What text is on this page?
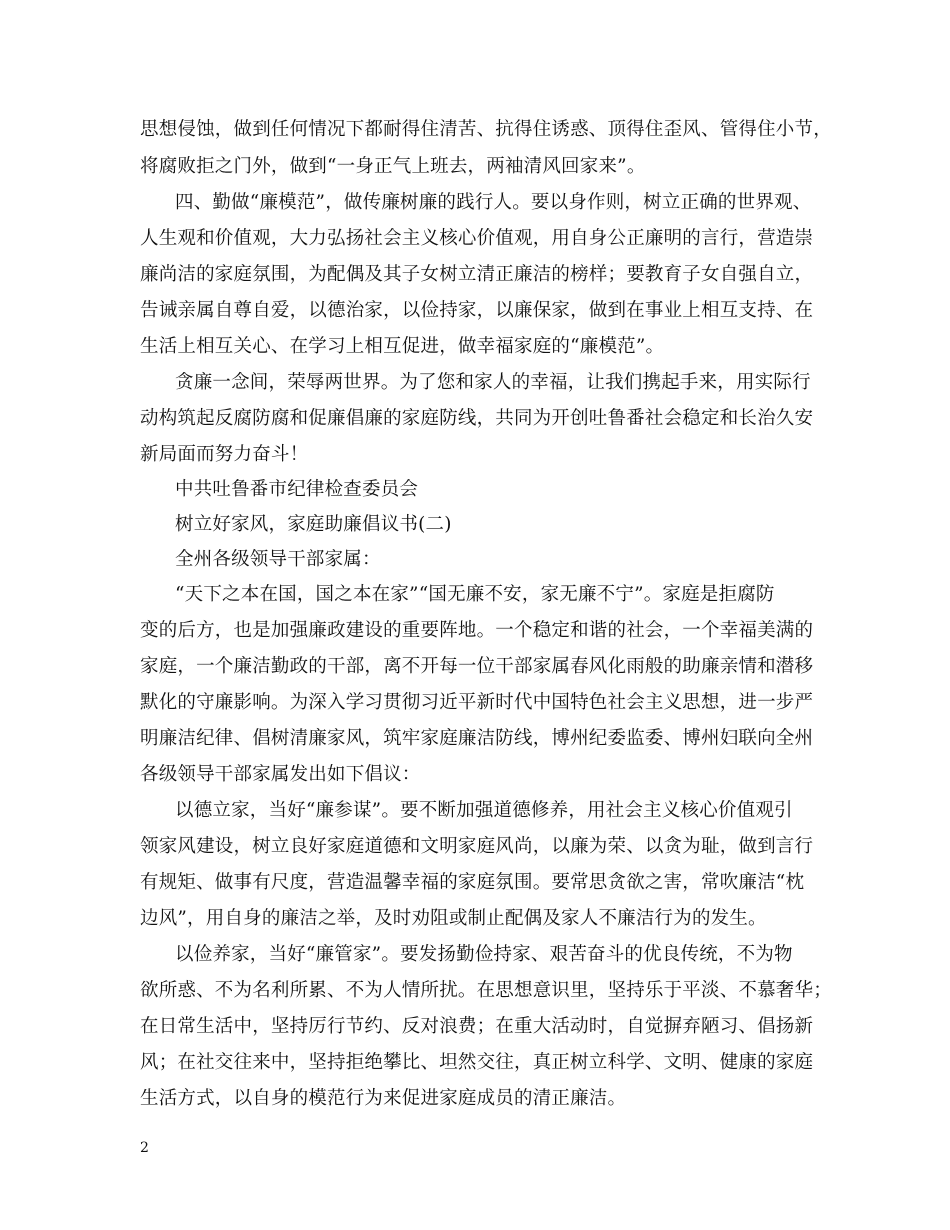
思想侵蚀，做到任何情况下都耐得住清苦、抗得住诱惑、顶得住歪风、管得住小节，
将腐败拒之门外，做到“一身正气上班去，两袖清风回家来”。
四、勤做“廉模范”，做传廉树廉的践行人。要以身作则，树立正确的世界观、
人生观和价值观，大力弘扬社会主义核心价值观，用自身公正廉明的言行，营造崇
廉尚洁的家庭氛围，为配偶及其子女树立清正廉洁的榜样；要教育子女自强自立，
告诫亲属自尊自爱，以德治家，以俭持家，以廉保家，做到在事业上相互支持、在
生活上相互关心、在学习上相互促进，做幸福家庭的“廉模范”。
贪廉一念间，荣辱两世界。为了您和家人的幸福，让我们携起手来，用实际行
动构筑起反腐防腐和促廉倡廉的家庭防线，共同为开创吐鲁番社会稳定和长治久安
新局面而努力奋斗！
中共吐鲁番市纪律检查委员会
树立好家风，家庭助廉倡议书(二)
全州各级领导干部家属：
“天下之本在国，国之本在家”“国无廉不安，家无廉不宁”。家庭是拒腐防
变的后方，也是加强廉政建设的重要阵地。一个稳定和谐的社会，一个幸福美满的
家庭，一个廉洁勤政的干部，离不开每一位干部家属春风化雨般的助廉亲情和潜移
默化的守廉影响。为深入学习贯彻习近平新时代中国特色社会主义思想，进一步严
明廉洁纪律、倡树清廉家风，筑牢家庭廉洁防线，博州纪委监委、博州妇联向全州
各级领导干部家属发出如下倡议：
以德立家，当好“廉参谋”。要不断加强道德修养，用社会主义核心价值观引
领家风建设，树立良好家庭道德和文明家庭风尚，以廉为荣、以贪为耻，做到言行
有规矩、做事有尺度，营造温馨幸福的家庭氛围。要常思贪欲之害，常吹廉洁“枕
边风”，用自身的廉洁之举，及时劝阻或制止配偶及家人不廉洁行为的发生。
以俭养家，当好“廉管家”。要发扬勤俭持家、艰苦奋斗的优良传统，不为物
欲所惑、不为名利所累、不为人情所扰。在思想意识里，坚持乐于平淡、不慕奢华；
在日常生活中，坚持厉行节约、反对浪费；在重大活动时，自觉摒弃陋习、倡扬新
风；在社交往来中，坚持拒绝攀比、坦然交往，真正树立科学、文明、健康的家庭
生活方式，以自身的模范行为来促进家庭成员的清正廉洁。
2
